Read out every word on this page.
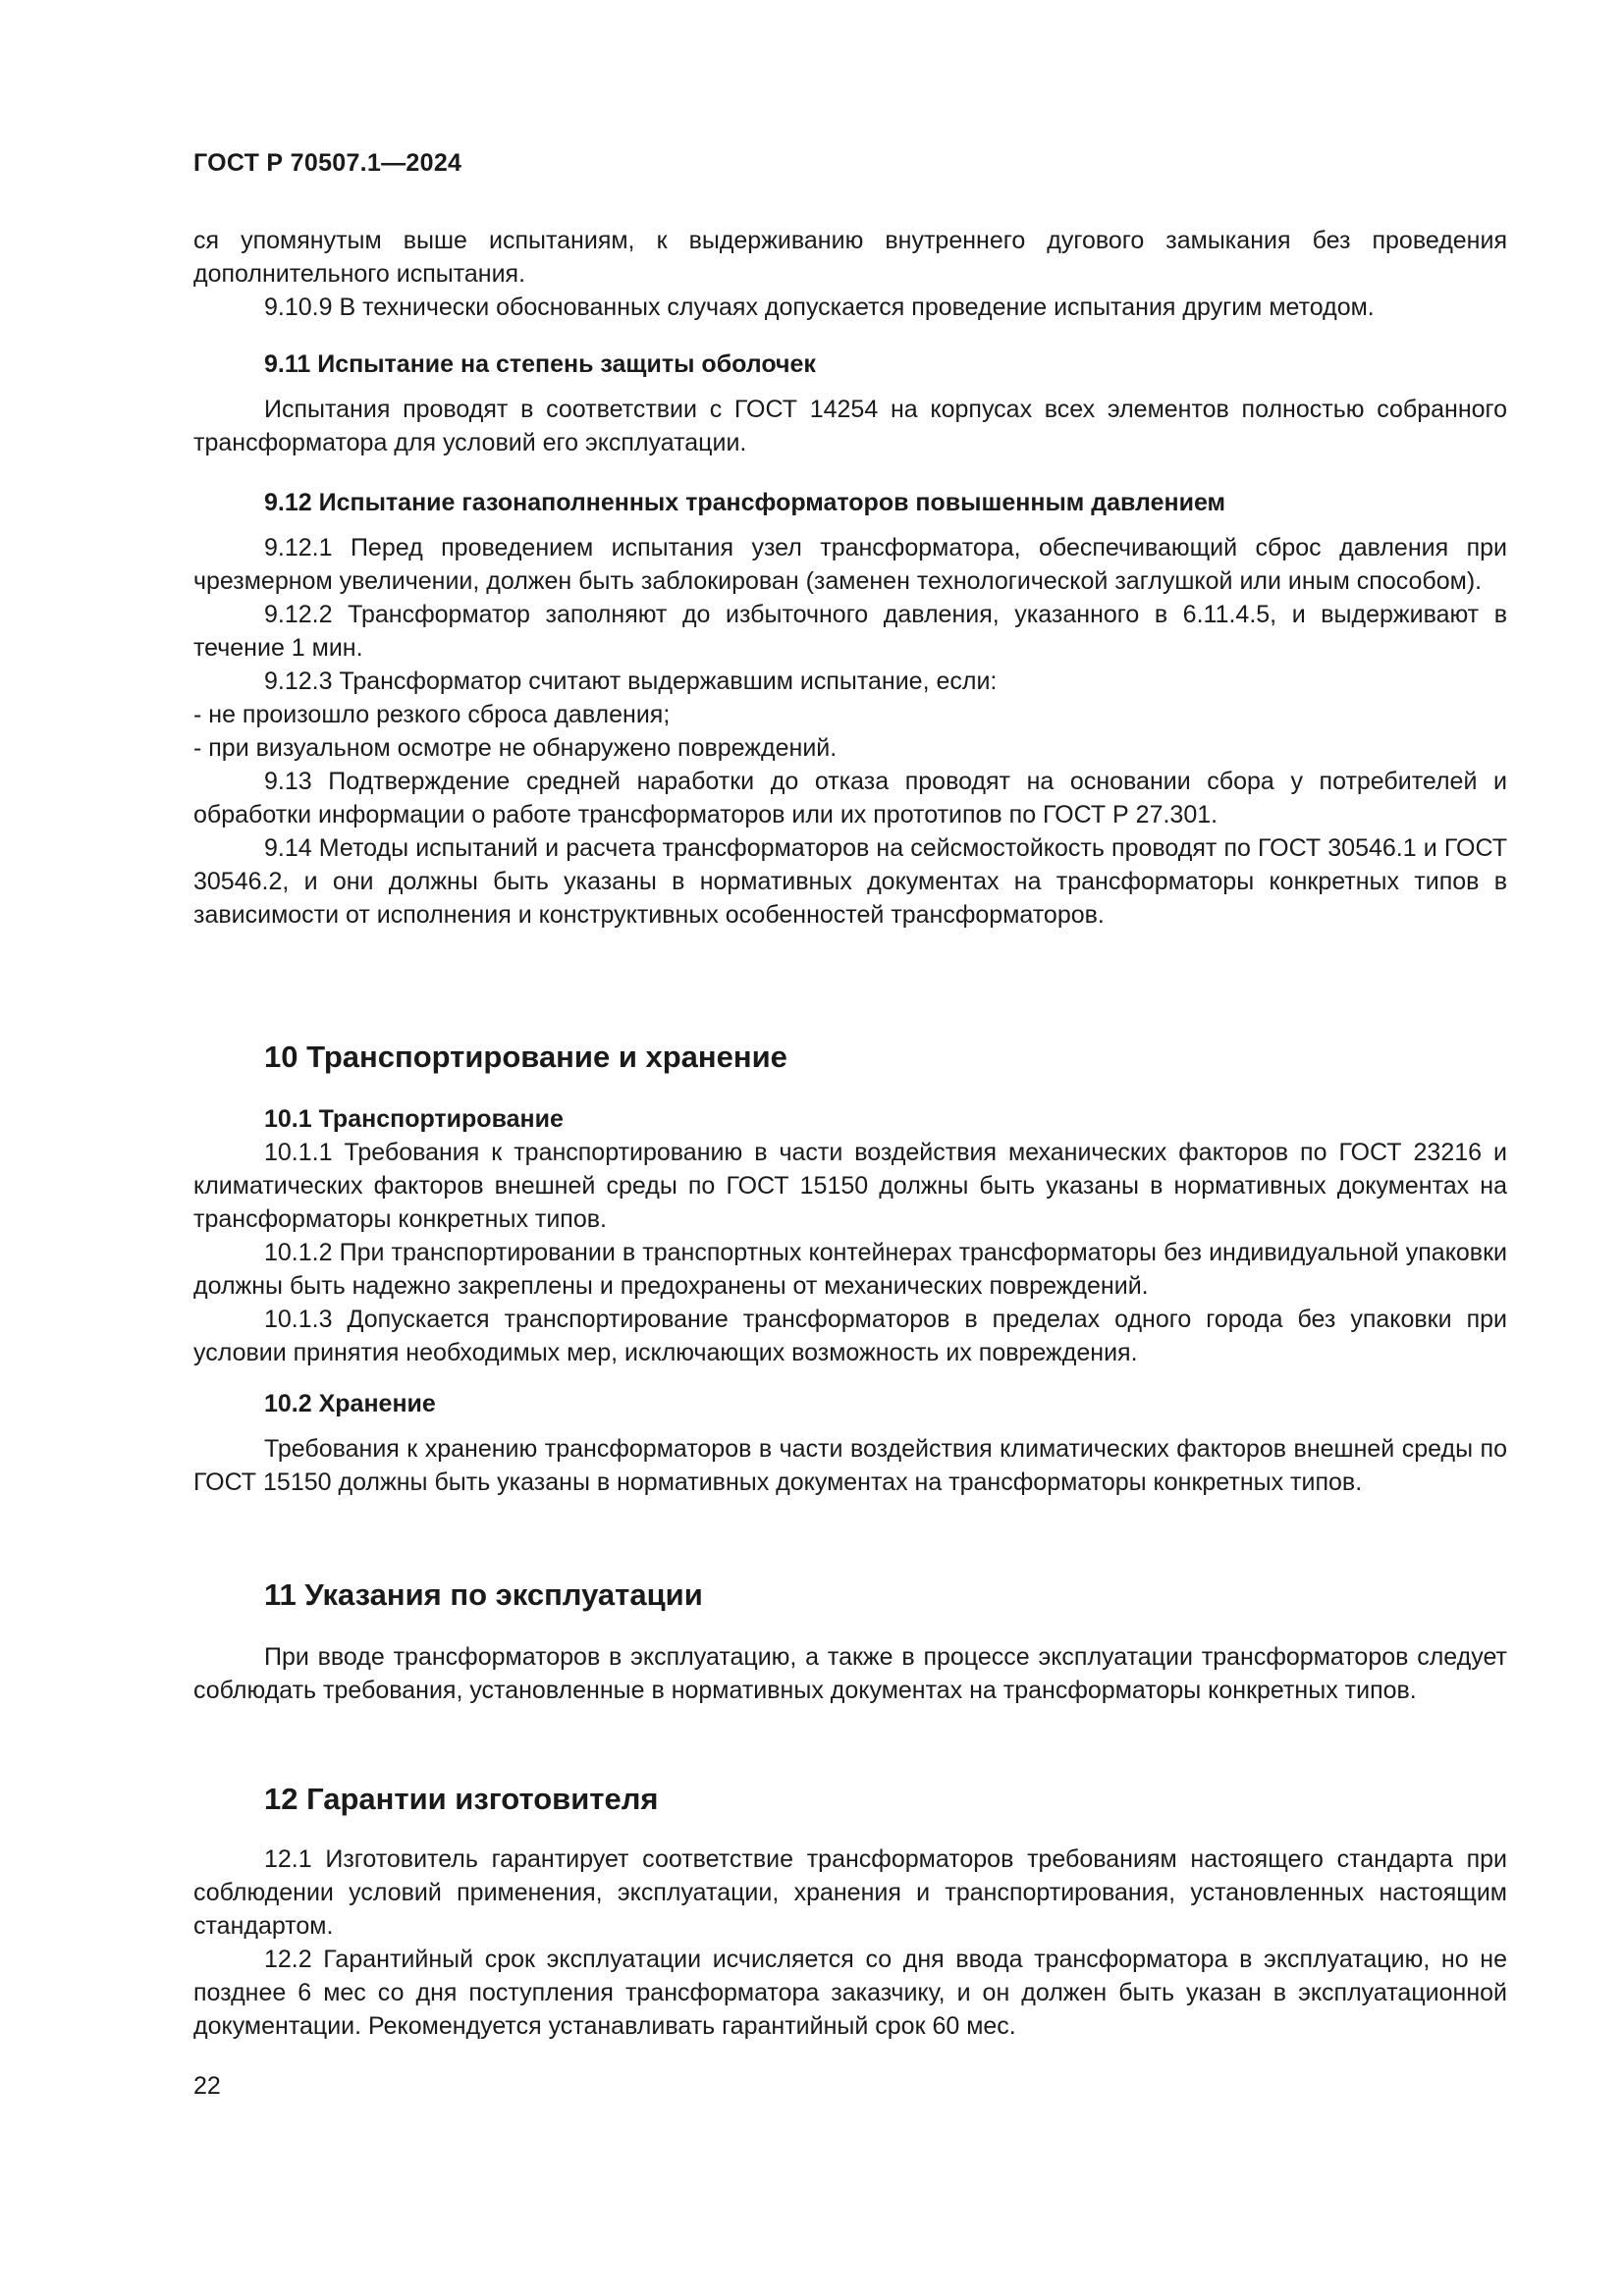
ГОСТ Р 70507.1—2024

ся упомянутым выше испытаниям, к выдерживанию внутреннего дугового замыкания без проведения дополнительного испытания.

9.10.9 В технически обоснованных случаях допускается проведение испытания другим методом.

9.11 Испытание на степень защиты оболочек

Испытания проводят в соответствии с ГОСТ 14254 на корпусах всех элементов полностью собранного трансформатора для условий его эксплуатации.

9.12 Испытание газонаполненных трансформаторов повышенным давлением

9.12.1 Перед проведением испытания узел трансформатора, обеспечивающий сброс давления при чрезмерном увеличении, должен быть заблокирован (заменен технологической заглушкой или иным способом).

9.12.2 Трансформатор заполняют до избыточного давления, указанного в 6.11.4.5, и выдерживают в течение 1 мин.

9.12.3 Трансформатор считают выдержавшим испытание, если:

- не произошло резкого сброса давления;

- при визуальном осмотре не обнаружено повреждений.

9.13 Подтверждение средней наработки до отказа проводят на основании сбора у потребителей и обработки информации о работе трансформаторов или их прототипов по ГОСТ Р 27.301.

9.14 Методы испытаний и расчета трансформаторов на сейсмостойкость проводят по ГОСТ 30546.1 и ГОСТ 30546.2, и они должны быть указаны в нормативных документах на трансформаторы конкретных типов в зависимости от исполнения и конструктивных особенностей трансформаторов.

10 Транспортирование и хранение

10.1 Транспортирование

10.1.1 Требования к транспортированию в части воздействия механических факторов по ГОСТ 23216 и климатических факторов внешней среды по ГОСТ 15150 должны быть указаны в нормативных документах на трансформаторы конкретных типов.

10.1.2 При транспортировании в транспортных контейнерах трансформаторы без индивидуальной упаковки должны быть надежно закреплены и предохранены от механических повреждений.

10.1.3 Допускается транспортирование трансформаторов в пределах одного города без упаковки при условии принятия необходимых мер, исключающих возможность их повреждения.

10.2 Хранение

Требования к хранению трансформаторов в части воздействия климатических факторов внешней среды по ГОСТ 15150 должны быть указаны в нормативных документах на трансформаторы конкретных типов.

11 Указания по эксплуатации

При вводе трансформаторов в эксплуатацию, а также в процессе эксплуатации трансформаторов следует соблюдать требования, установленные в нормативных документах на трансформаторы конкретных типов.

12 Гарантии изготовителя

12.1 Изготовитель гарантирует соответствие трансформаторов требованиям настоящего стандарта при соблюдении условий применения, эксплуатации, хранения и транспортирования, установленных настоящим стандартом.

12.2 Гарантийный срок эксплуатации исчисляется со дня ввода трансформатора в эксплуатацию, но не позднее 6 мес со дня поступления трансформатора заказчику, и он должен быть указан в эксплуатационной документации. Рекомендуется устанавливать гарантийный срок 60 мес.

22
